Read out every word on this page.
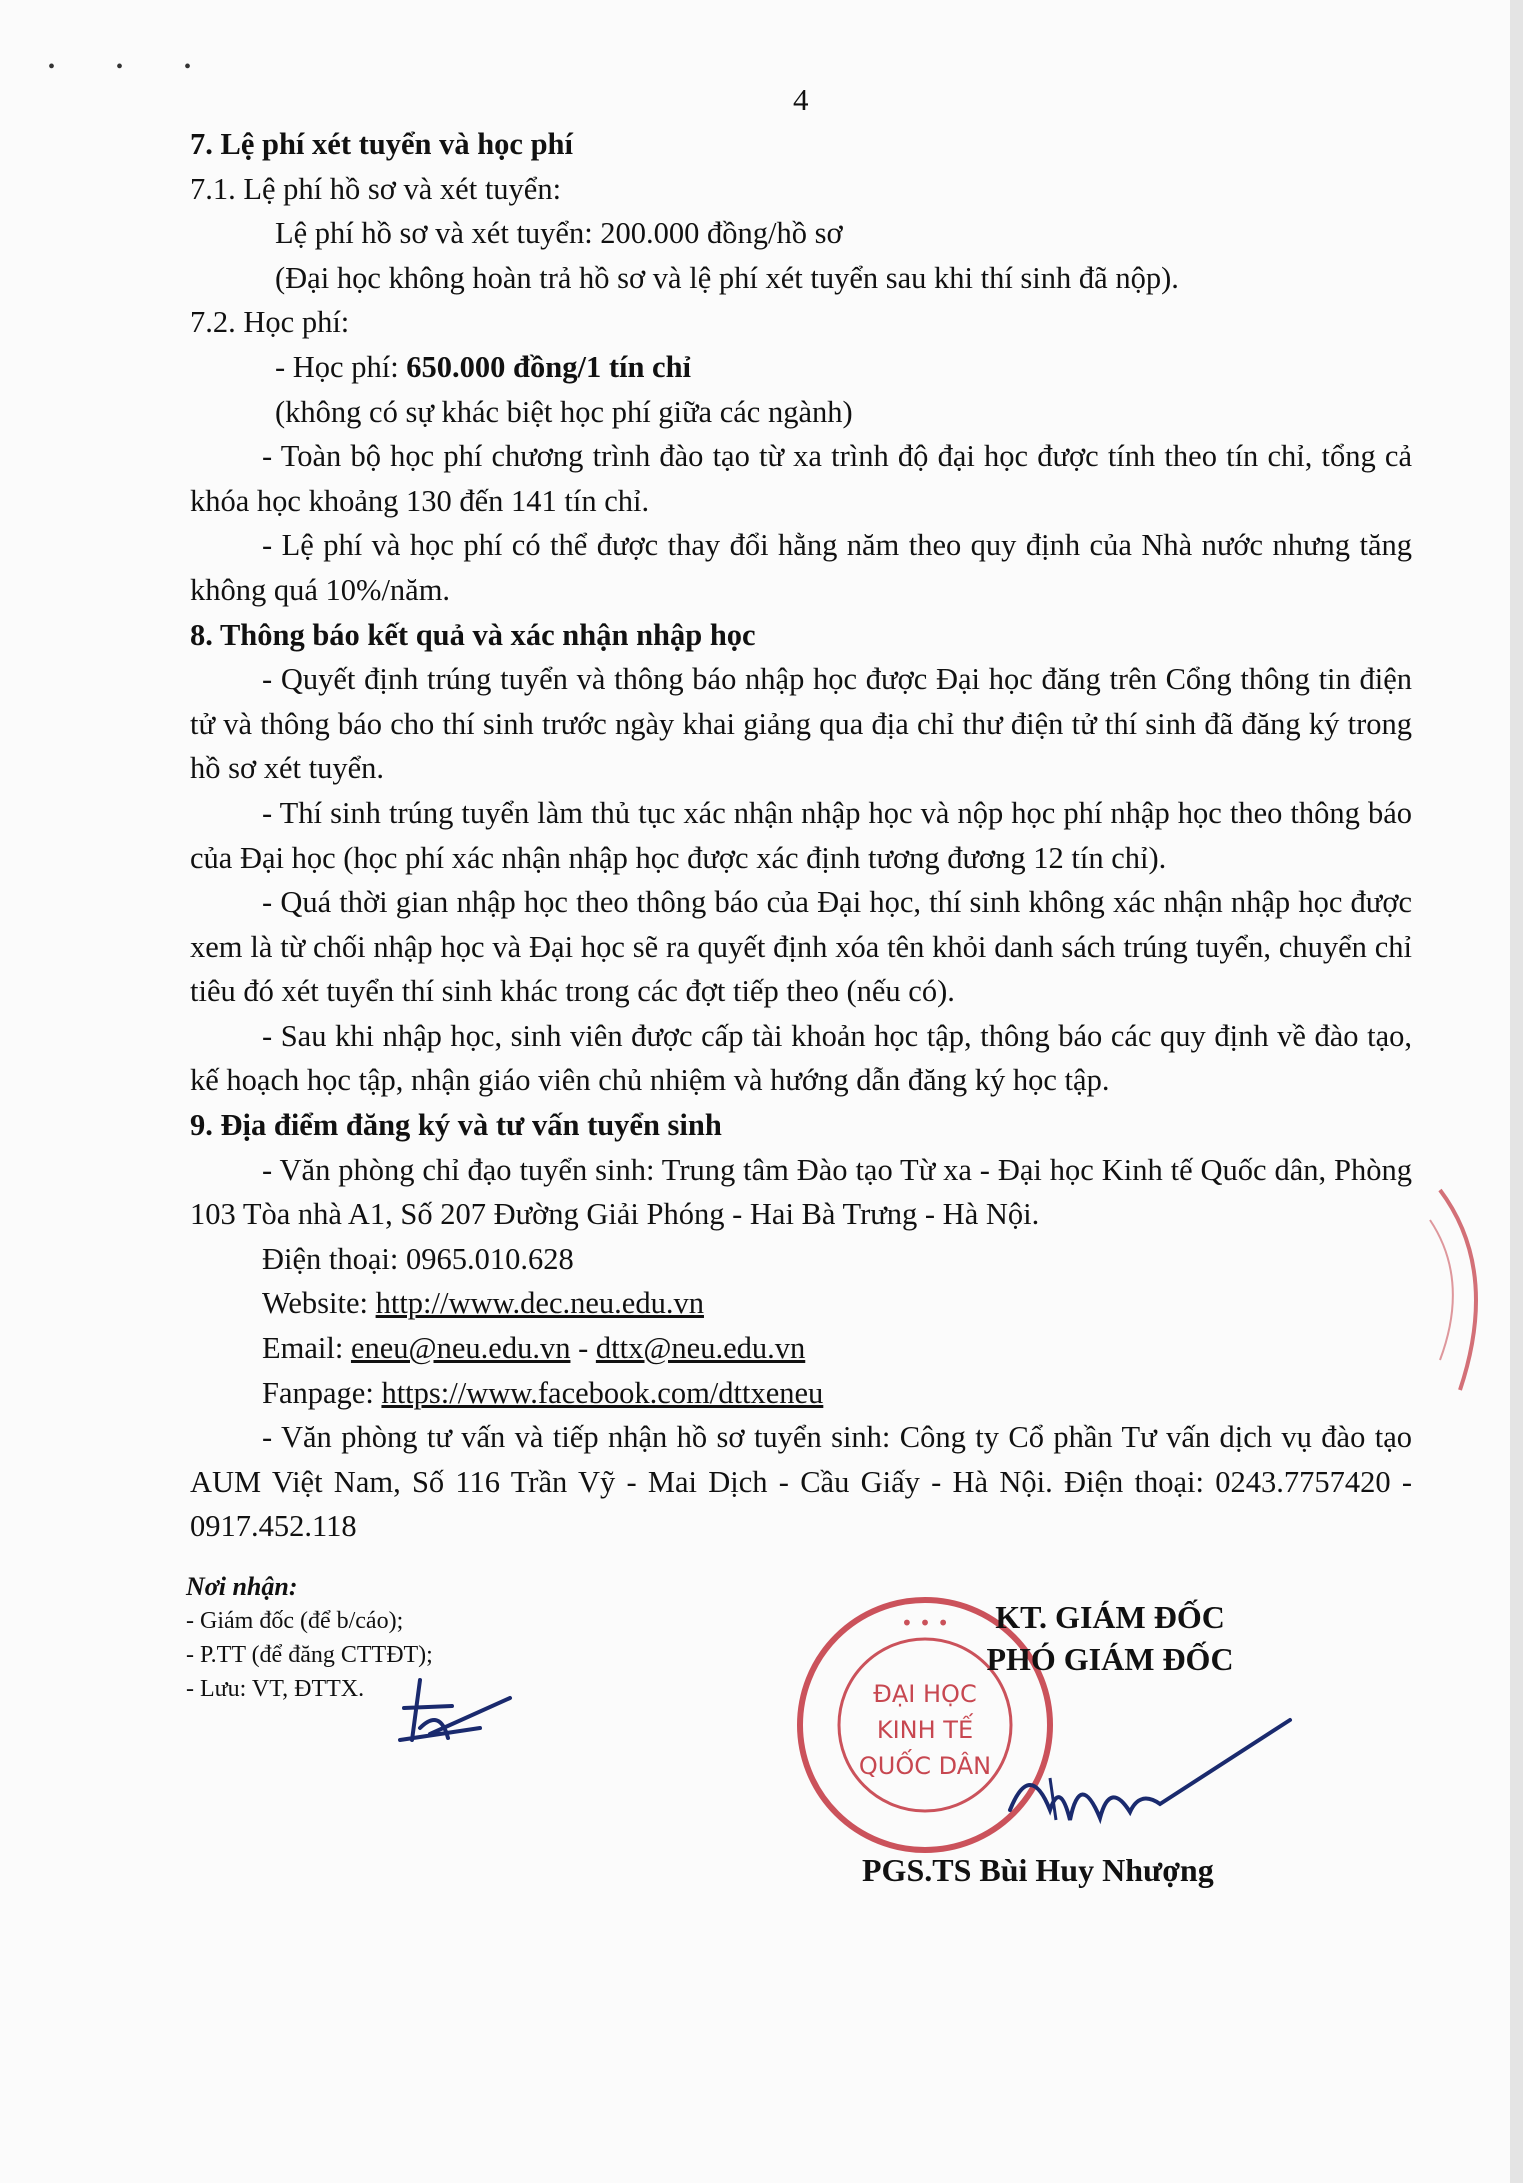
• • •
4

7. Lệ phí xét tuyển và học phí

7.1. Lệ phí hồ sơ và xét tuyển:

Lệ phí hồ sơ và xét tuyển: 200.000 đồng/hồ sơ

(Đại học không hoàn trả hồ sơ và lệ phí xét tuyển sau khi thí sinh đã nộp).

7.2. Học phí:

- Học phí: 650.000 đồng/1 tín chỉ

(không có sự khác biệt học phí giữa các ngành)

- Toàn bộ học phí chương trình đào tạo từ xa trình độ đại học được tính theo tín chỉ, tổng cả khóa học khoảng 130 đến 141 tín chỉ.

- Lệ phí và học phí có thể được thay đổi hằng năm theo quy định của Nhà nước nhưng tăng không quá 10%/năm.

8. Thông báo kết quả và xác nhận nhập học

- Quyết định trúng tuyển và thông báo nhập học được Đại học đăng trên Cổng thông tin điện tử và thông báo cho thí sinh trước ngày khai giảng qua địa chỉ thư điện tử thí sinh đã đăng ký trong hồ sơ xét tuyển.

- Thí sinh trúng tuyển làm thủ tục xác nhận nhập học và nộp học phí nhập học theo thông báo của Đại học (học phí xác nhận nhập học được xác định tương đương 12 tín chỉ).

- Quá thời gian nhập học theo thông báo của Đại học, thí sinh không xác nhận nhập học được xem là từ chối nhập học và Đại học sẽ ra quyết định xóa tên khỏi danh sách trúng tuyển, chuyển chỉ tiêu đó xét tuyển thí sinh khác trong các đợt tiếp theo (nếu có).

- Sau khi nhập học, sinh viên được cấp tài khoản học tập, thông báo các quy định về đào tạo, kế hoạch học tập, nhận giáo viên chủ nhiệm và hướng dẫn đăng ký học tập.

9. Địa điểm đăng ký và tư vấn tuyển sinh

- Văn phòng chỉ đạo tuyển sinh: Trung tâm Đào tạo Từ xa - Đại học Kinh tế Quốc dân, Phòng 103 Tòa nhà A1, Số 207 Đường Giải Phóng - Hai Bà Trưng - Hà Nội.

Điện thoại: 0965.010.628

Website: http://www.dec.neu.edu.vn

Email: eneu@neu.edu.vn - dttx@neu.edu.vn

Fanpage: https://www.facebook.com/dttxeneu

- Văn phòng tư vấn và tiếp nhận hồ sơ tuyển sinh: Công ty Cổ phần Tư vấn dịch vụ đào tạo AUM Việt Nam, Số 116 Trần Vỹ - Mai Dịch - Cầu Giấy - Hà Nội. Điện thoại: 0243.7757420 - 0917.452.118

Nơi nhận:
- Giám đốc (để b/cáo);
- P.TT (để đăng CTTĐT);
- Lưu: VT, ĐTTX.
• • •
ĐẠI HỌC
KINH TẾ
QUỐC DÂN
KT. GIÁM ĐỐC
PHÓ GIÁM ĐỐC
PGS.TS Bùi Huy Nhượng
